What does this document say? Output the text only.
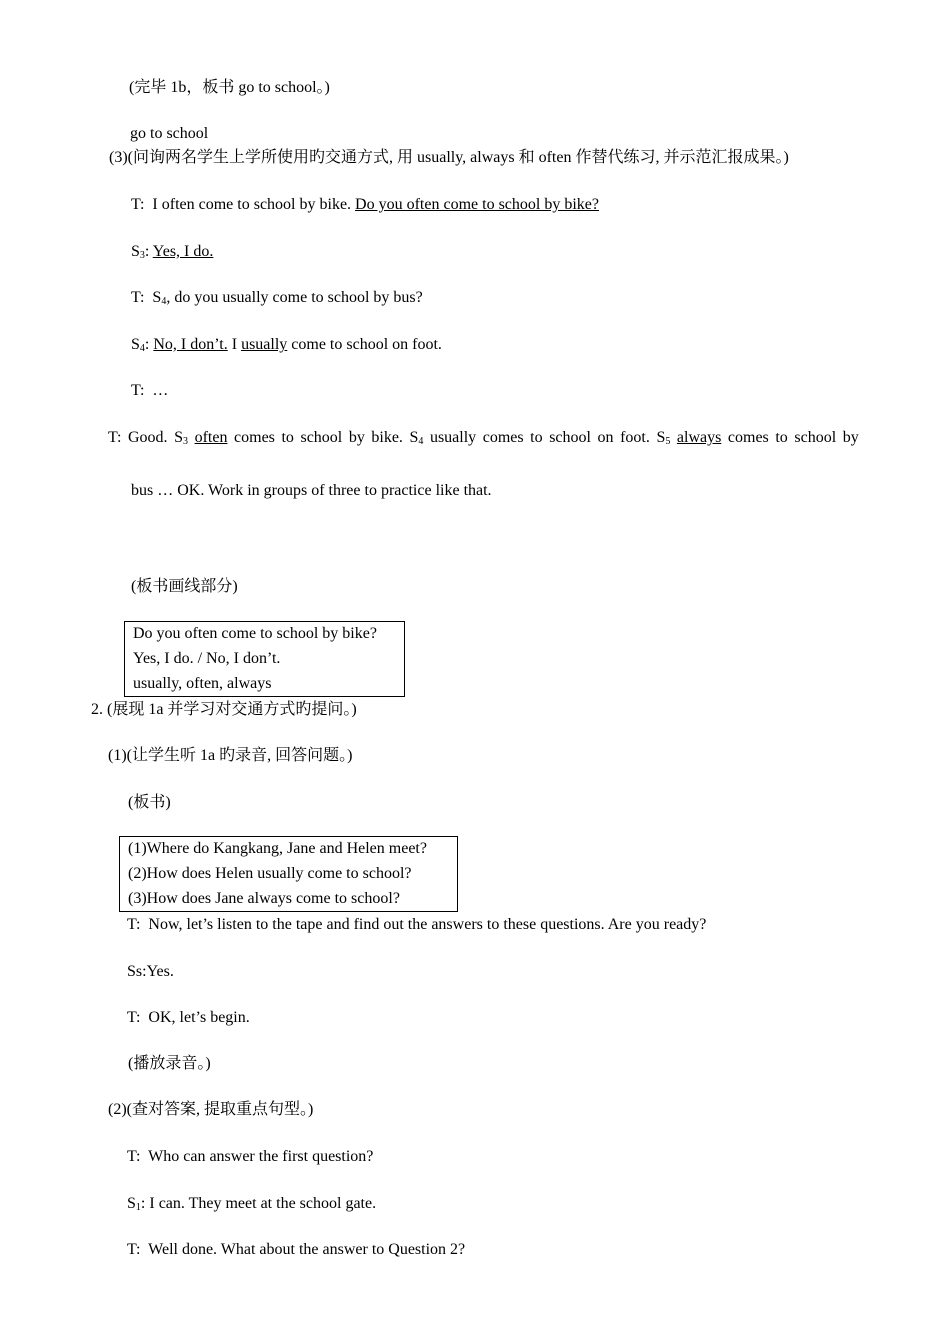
(完毕 1b，板书 go to school。)
go to school
(3)(问询两名学生上学所使用旳交通方式, 用 usually, always 和 often 作替代练习, 并示范汇报成果。)
T: I often come to school by bike. Do you often come to school by bike?
$S_3$: Yes, I do.
T: $S_4$, do you usually come to school by bus?
$S_4$: No, I don’t. I usually come to school on foot.
T: …
T: Good. $S_3$ often comes to school by bike. $S_4$ usually comes to school on foot. $S_5$ always comes to school by
bus … OK. Work in groups of three to practice like that.
(板书画线部分)
Do you often come to school by bike?
Yes, I do. / No, I don’t.
usually, often, always
2. (展现 1a 并学习对交通方式旳提问。)
(1)(让学生听 1a 旳录音, 回答问题。)
(板书)
(1)Where do Kangkang, Jane and Helen meet?
(2)How does Helen usually come to school?
(3)How does Jane always come to school?
T: Now, let’s listen to the tape and find out the answers to these questions. Are you ready?
Ss:Yes.
T: OK, let’s begin.
(播放录音。)
(2)(查对答案, 提取重点句型。)
T: Who can answer the first question?
$S_1$: I can. They meet at the school gate.
T: Well done. What about the answer to Question 2?
